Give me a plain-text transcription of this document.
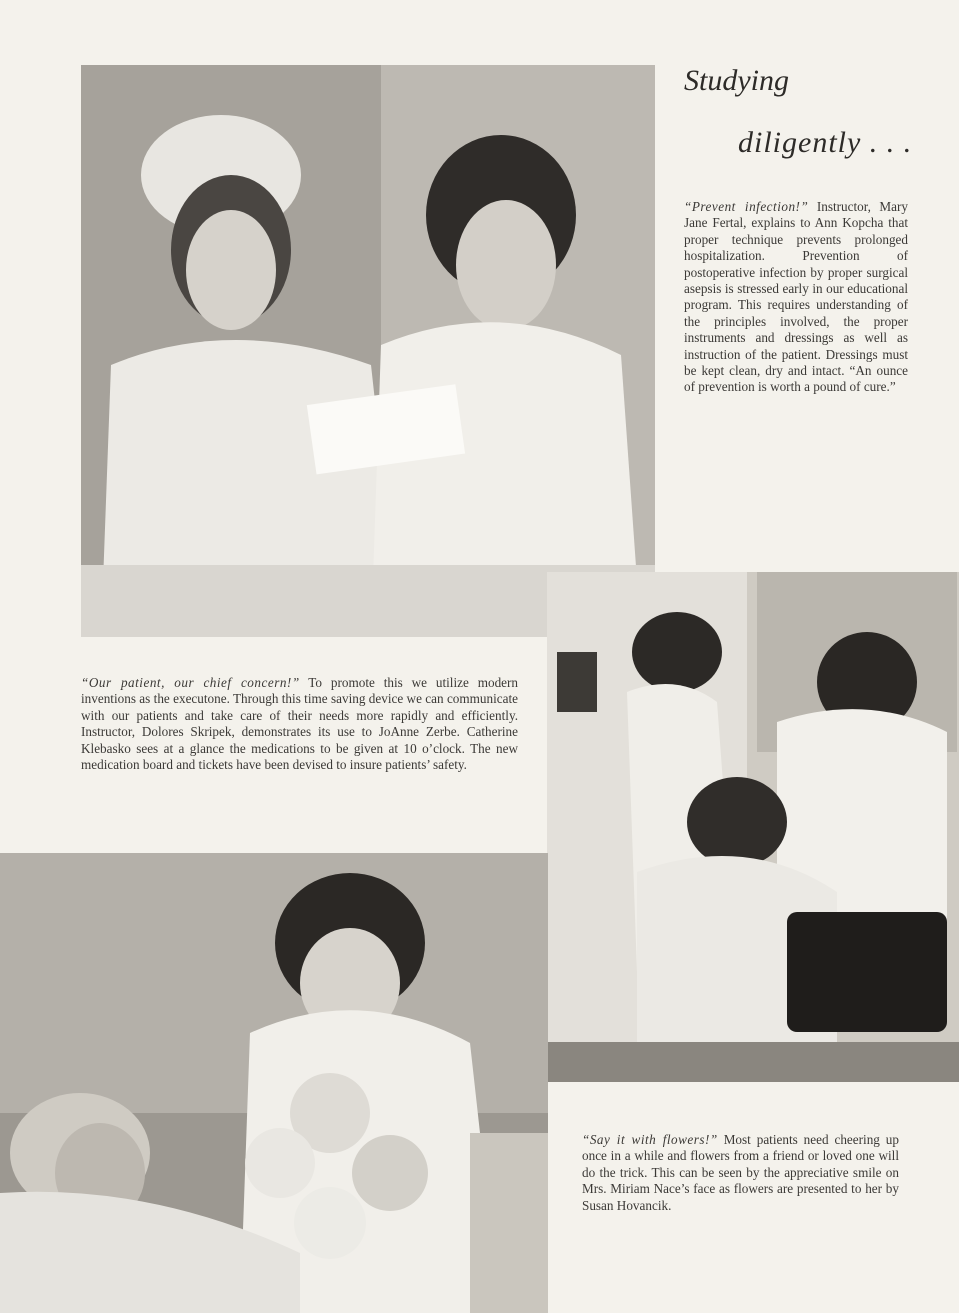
Studying
diligently . . .
“Prevent infection!” Instructor, Mary Jane Fertal, explains to Ann Kopcha that proper technique prevents prolonged hospitalization. Prevention of postoperative infection by proper surgical asepsis is stressed early in our educational program. This requires understanding of the principles involved, the proper instruments and dressings as well as instruction of the patient. Dressings must be kept clean, dry and intact. “An ounce of prevention is worth a pound of cure.”
“Our patient, our chief concern!” To promote this we utilize modern inventions as the executone. Through this time saving device we can communicate with our patients and take care of their needs more rapidly and efficiently. Instructor, Dolores Skripek, demonstrates its use to JoAnne Zerbe. Catherine Klebasko sees at a glance the medications to be given at 10 o’clock. The new medication board and tickets have been devised to insure patients’ safety.
“Say it with flowers!” Most patients need cheering up once in a while and flowers from a friend or loved one will do the trick. This can be seen by the appreciative smile on Mrs. Miriam Nace’s face as flowers are presented to her by Susan Hovancik.
